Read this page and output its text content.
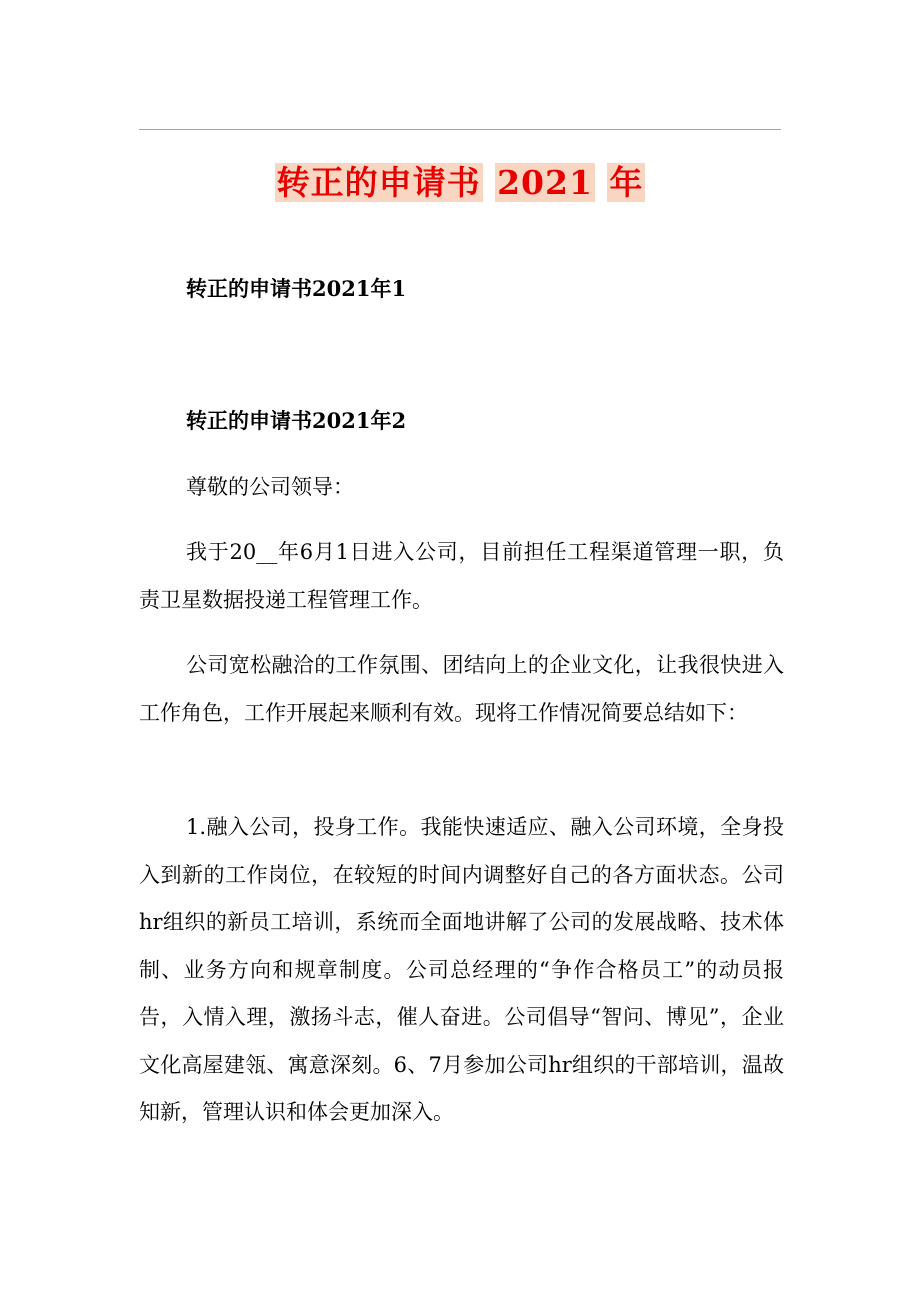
转正的申请书 2021 年
转正的申请书2021年1
转正的申请书2021年2

尊敬的公司领导：

我于20__年6月1日进入公司，目前担任工程渠道管理一职，负责卫星数据投递工程管理工作。

公司宽松融洽的工作氛围、团结向上的企业文化，让我很快进入工作角色，工作开展起来顺利有效。现将工作情况简要总结如下：

1.融入公司，投身工作。我能快速适应、融入公司环境，全身投入到新的工作岗位，在较短的时间内调整好自己的各方面状态。公司hr组织的新员工培训，系统而全面地讲解了公司的发展战略、技术体制、业务方向和规章制度。公司总经理的“争作合格员工”的动员报告，入情入理，激扬斗志，催人奋进。公司倡导“智问、博见”，企业文化高屋建瓴、寓意深刻。6、7月参加公司hr组织的干部培训，温故知新，管理认识和体会更加深入。
